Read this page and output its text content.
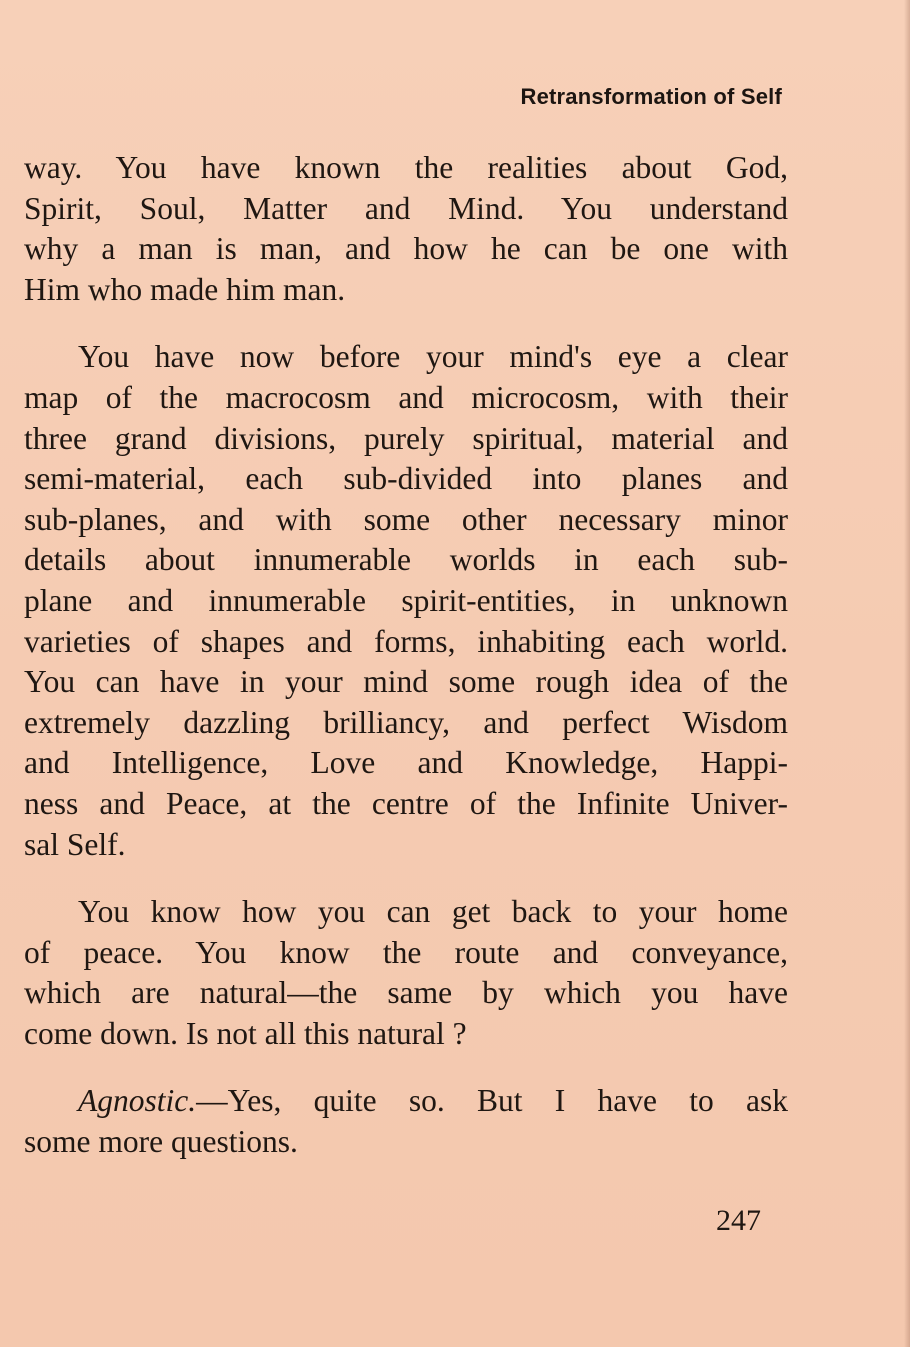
Retransformation of Self
way. You have known the realities about God,
Spirit, Soul, Matter and Mind. You understand
why a man is man, and how he can be one with
Him who made him man.
You have now before your mind's eye a clear
map of the macrocosm and microcosm, with their
three grand divisions, purely spiritual, material and
semi-material, each sub-divided into planes and
sub-planes, and with some other necessary minor
details about innumerable worlds in each sub-
plane and innumerable spirit-entities, in unknown
varieties of shapes and forms, inhabiting each world.
You can have in your mind some rough idea of the
extremely dazzling brilliancy, and perfect Wisdom
and Intelligence, Love and Knowledge, Happi-
ness and Peace, at the centre of the Infinite Univer-
sal Self.
You know how you can get back to your home
of peace. You know the route and conveyance,
which are natural—the same by which you have
come down. Is not all this natural ?
Agnostic.—Yes, quite so. But I have to ask
some more questions.
247
